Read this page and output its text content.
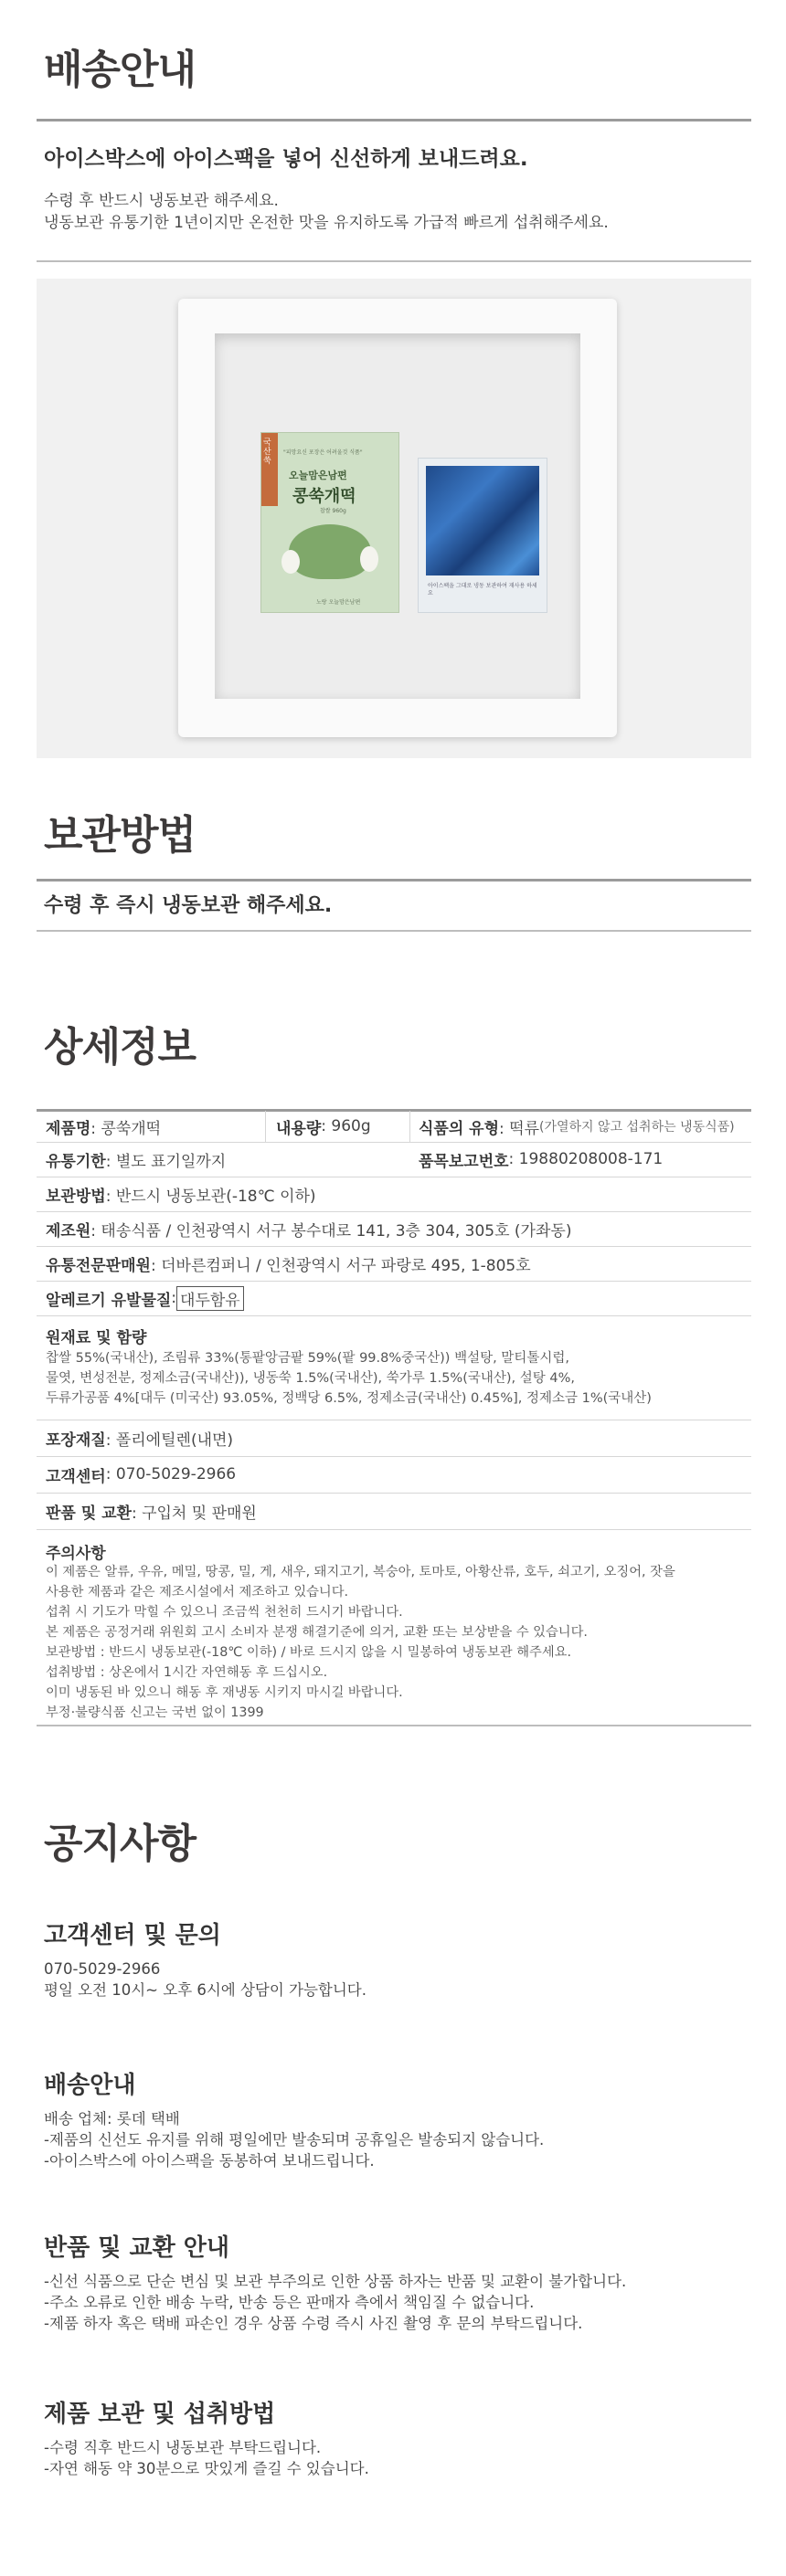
배송안내
아이스박스에 아이스팩을 넣어 신선하게 보내드려요.
수령 후 반드시 냉동보관 해주세요.
냉동보관 유통기한 1년이지만 온전한 맛을 유지하도록 가급적 빠르게 섭취해주세요.
국산쑥
"피망요신 포장은 어려울것 식품"
오늘맘은남편
콩쑥개떡
찹쌀 960g
노랑 오늘맘은남편
아이스팩을 그대로 냉동 보관하여 재사용 하세요
보관방법
수령 후 즉시 냉동보관 해주세요.
상세정보
제품명 : 콩쑥개떡	내용량 : 960g	식품의 유형 : 떡류 (가열하지 않고 섭취하는 냉동식품)
유통기한 : 별도 표기일까지	품목보고번호 : 19880208008-171
보관방법 : 반드시 냉동보관(-18℃ 이하)
제조원 : 태송식품 / 인천광역시 서구 봉수대로 141, 3층 304, 305호 (가좌동)
유통전문판매원 : 더바른컴퍼니 / 인천광역시 서구 파랑로 495, 1-805호
알레르기 유발물질 : 대두함유
원재료 및 함량
찹쌀 55%(국내산), 조림류 33%(통팥앙금팥 59%(팥 99.8%중국산)) 백설탕, 말티톨시럽,
물엿, 변성전분, 정제소금(국내산)), 냉동쑥 1.5%(국내산), 쑥가루 1.5%(국내산), 설탕 4%,
두류가공품 4%[대두 (미국산) 93.05%, 정백당 6.5%, 정제소금(국내산) 0.45%], 정제소금 1%(국내산)
포장재질 : 폴리에틸렌(내면)
고객센터 : 070-5029-2966
판품 및 교환 : 구입처 및 판매원
주의사항
이 제품은 알류, 우유, 메밀, 땅콩, 밀, 게, 새우, 돼지고기, 복숭아, 토마토, 아황산류, 호두, 쇠고기, 오징어, 잣을
사용한 제품과 같은 제조시설에서 제조하고 있습니다.
섭취 시 기도가 막힐 수 있으니 조금씩 천천히 드시기 바랍니다.
본 제품은 공정거래 위원회 고시 소비자 분쟁 해결기준에 의거, 교환 또는 보상받을 수 있습니다.
보관방법 : 반드시 냉동보관(-18℃ 이하) / 바로 드시지 않을 시 밀봉하여 냉동보관 해주세요.
섭취방법 : 상온에서 1시간 자연해동 후 드십시오.
이미 냉동된 바 있으니 해동 후 재냉동 시키지 마시길 바랍니다.
부정·불량식품 신고는 국번 없이 1399
공지사항
고객센터 및 문의
070-5029-2966
평일 오전 10시~ 오후 6시에 상담이 가능합니다.
배송안내
배송 업체: 롯데 택배
-제품의 신선도 유지를 위해 평일에만 발송되며 공휴일은 발송되지 않습니다.
-아이스박스에 아이스팩을 동봉하여 보내드립니다.
반품 및 교환 안내
-신선 식품으로 단순 변심 및 보관 부주의로 인한 상품 하자는 반품 및 교환이 불가합니다.
-주소 오류로 인한 배송 누락, 반송 등은 판매자 측에서 책임질 수 없습니다.
-제품 하자 혹은 택배 파손인 경우 상품 수령 즉시 사진 촬영 후 문의 부탁드립니다.
제품 보관 및 섭취방법
-수령 직후 반드시 냉동보관 부탁드립니다.
-자연 해동 약 30분으로 맛있게 즐길 수 있습니다.
